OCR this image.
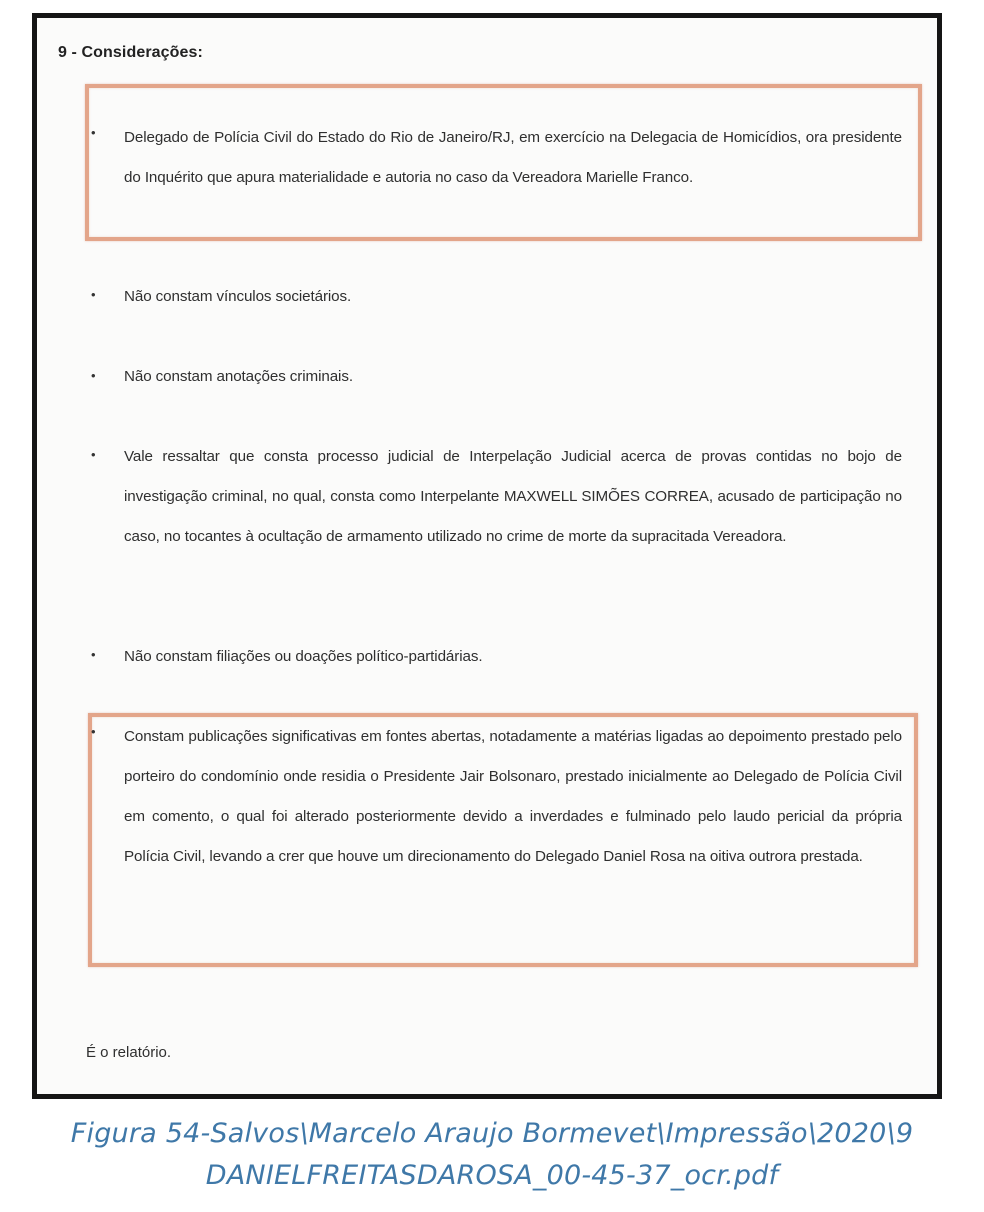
9 - Considerações:
• Delegado de Polícia Civil do Estado do Rio de Janeiro/RJ, em exercício na Delegacia de Homicídios, ora presidente do Inquérito que apura materialidade e autoria no caso da Vereadora Marielle Franco.
• Não constam vínculos societários.
• Não constam anotações criminais.
• Vale ressaltar que consta processo judicial de Interpelação Judicial acerca de provas contidas no bojo de investigação criminal, no qual, consta como Interpelante MAXWELL SIMÕES CORREA, acusado de participação no caso, no tocantes à ocultação de armamento utilizado no crime de morte da supracitada Vereadora.
• Não constam filiações ou doações político-partidárias.
• Constam publicações significativas em fontes abertas, notadamente a matérias ligadas ao depoimento prestado pelo porteiro do condomínio onde residia o Presidente Jair Bolsonaro, prestado inicialmente ao Delegado de Polícia Civil em comento, o qual foi alterado posteriormente devido a inverdades e fulminado pelo laudo pericial da própria Polícia Civil, levando a crer que houve um direcionamento do Delegado Daniel Rosa na oitiva outrora prestada.
É o relatório.
Figura 54-Salvos\Marcelo Araujo Bormevet\Impressão\2020\9
DANIELFREITASDAROSA_00-45-37_ocr.pdf
